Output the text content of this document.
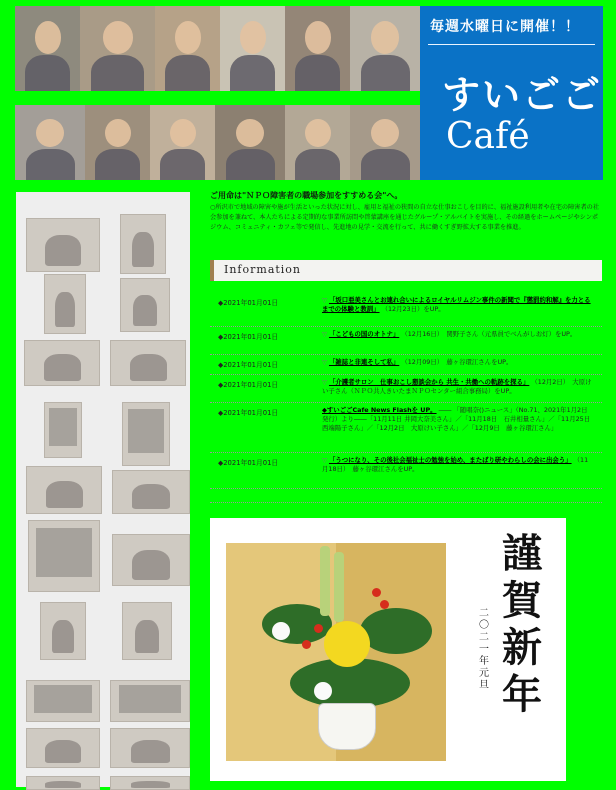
毎週水曜日に開催！！
すいごご
Café
ご用命は"ＮＰＯ障害者の職場参加をすすめる会"へ。
○所沢市で地域の障害や施が生活といった状況に対し、雇用と福祉の狭間の自立な仕事おこしを目的に、福祉施設利用者や在宅の障害者の社会参加を兼ねて、本人たちによる定期的な事業所訪問や啓蒙講座を通じたグループ・アルバイトを実施し、その経過をホームページやシンポジウム、コミュニティ・カフェ等で発信し、先進地の見学・交流を行って、共に働くすぎ野拡大する事業を推進。
Information
◆2021年01月01日	▽ 「坂口亜美さんとお連れ合いによるロイヤルリムジン事件の新聞で『懲罰約和解』を力とるまでの体験と教訓」 （12月23日）をUP。
◆2021年01月01日	▽ 「こどもの国のオトナ」 （12月16日）　関野子さん（元県員でべんがしお灯）をUP。
◆2021年01月01日	▽ 「雑誌と非連そして私」 （12月09日）　藤ヶ谷環江さんをUP。
◆2021年01月01日	▽ 「介護者サロン　仕事おこし懇談会から 共生・共働への軌跡を探る」 （12月2日）　大原けい子さん（ＮＰＯ共人きいたまＮＰＯセンター組合事務局）をUP。
◆2021年01月01日	◆すいごごCafe News Flashを UP。 ―― 「随唱奈()ニュース」（No.71、2021年1月2日発行）より――「11月11日 井岡大奈美さん」／「11月18日　石井相量さん」／「11月25日　西端陽子さん」／「12月2日　大原けい子さん」／「12月9日　藤ヶ谷環江さん」
◆2021年01月01日	▽ 「うつになり、その後社会福祉士の勉強を始め、またばり研やわらしの会に出会う」 （11月18日）　藤ヶ谷環江さんをUP。
謹賀新年
二〇二一年元旦
